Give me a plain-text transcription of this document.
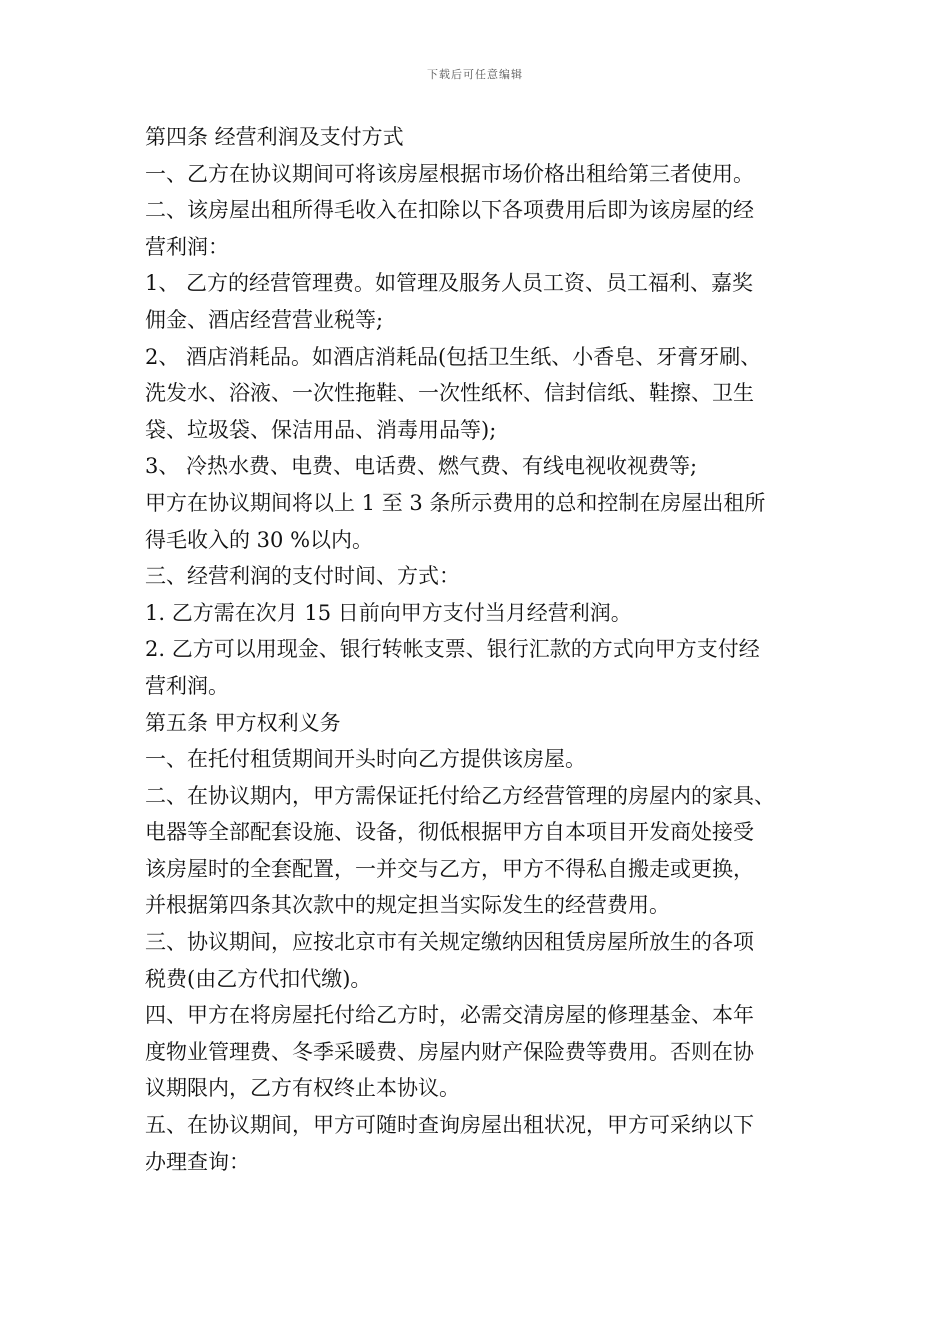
下载后可任意编辑
第四条 经营利润及支付方式
一、乙方在协议期间可将该房屋根据市场价格出租给第三者使用。
二、该房屋出租所得毛收入在扣除以下各项费用后即为该房屋的经
营利润：
1、 乙方的经营管理费。如管理及服务人员工资、员工福利、嘉奖
佣金、酒店经营营业税等;
2、 酒店消耗品。如酒店消耗品(包括卫生纸、小香皂、牙膏牙刷、
洗发水、浴液、一次性拖鞋、一次性纸杯、信封信纸、鞋擦、卫生
袋、垃圾袋、保洁用品、消毒用品等);
3、 冷热水费、电费、电话费、燃气费、有线电视收视费等;
甲方在协议期间将以上 1 至 3 条所示费用的总和控制在房屋出租所
得毛收入的 30 %以内。
三、经营利润的支付时间、方式：
1. 乙方需在次月 15 日前向甲方支付当月经营利润。
2. 乙方可以用现金、银行转帐支票、银行汇款的方式向甲方支付经
营利润。
第五条 甲方权利义务
一、在托付租赁期间开头时向乙方提供该房屋。
二、在协议期内，甲方需保证托付给乙方经营管理的房屋内的家具、
电器等全部配套设施、设备，彻低根据甲方自本项目开发商处接受
该房屋时的全套配置，一并交与乙方，甲方不得私自搬走或更换，
并根据第四条其次款中的规定担当实际发生的经营费用。
三、协议期间，应按北京市有关规定缴纳因租赁房屋所放生的各项
税费(由乙方代扣代缴)。
四、甲方在将房屋托付给乙方时，必需交清房屋的修理基金、本年
度物业管理费、冬季采暖费、房屋内财产保险费等费用。否则在协
议期限内，乙方有权终止本协议。
五、在协议期间，甲方可随时查询房屋出租状况，甲方可采纳以下
办理查询：
